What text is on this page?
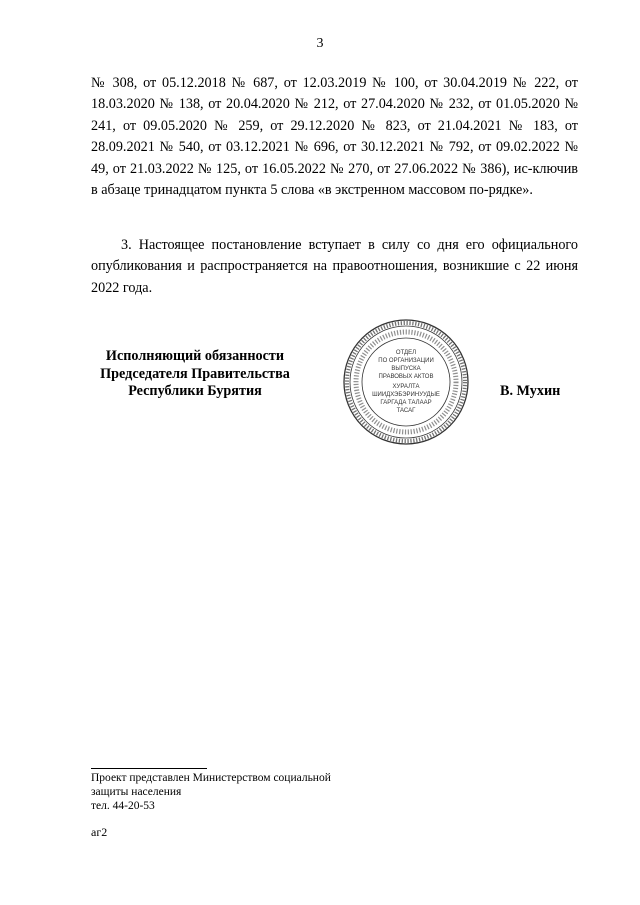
3

№ 308, от 05.12.2018 № 687, от 12.03.2019 № 100, от 30.04.2019 № 222, от 18.03.2020 № 138, от 20.04.2020 № 212, от 27.04.2020 № 232, от 01.05.2020 № 241, от 09.05.2020 № 259, от 29.12.2020 № 823, от 21.04.2021 № 183, от 28.09.2021 № 540, от 03.12.2021 № 696, от 30.12.2021 № 792, от 09.02.2022 № 49, от 21.03.2022 № 125, от 16.05.2022 № 270, от 27.06.2022 № 386), ис-ключив в абзаце тринадцатом пункта 5 слова «в экстренном массовом по-рядке».

3. Настоящее постановление вступает в силу со дня его официального опубликования и распространяется на правоотношения, возникшие с 22 июня 2022 года.

Исполняющий обязанности
Председателя Правительства
Республики Бурятия
ОТДЕЛ
ПО ОРГАНИЗАЦИИ
ВЫПУСКА
ПРАВОВЫХ АКТОВ
ХУРАЛТА
ШИИДХЭБЭРИНУУДЫЕ
ГАРГАДА ТАЛААР
ТАСАГ
В. Мухин
Проект представлен Министерством социальной
защиты населения
тел. 44-20-53
аг2
